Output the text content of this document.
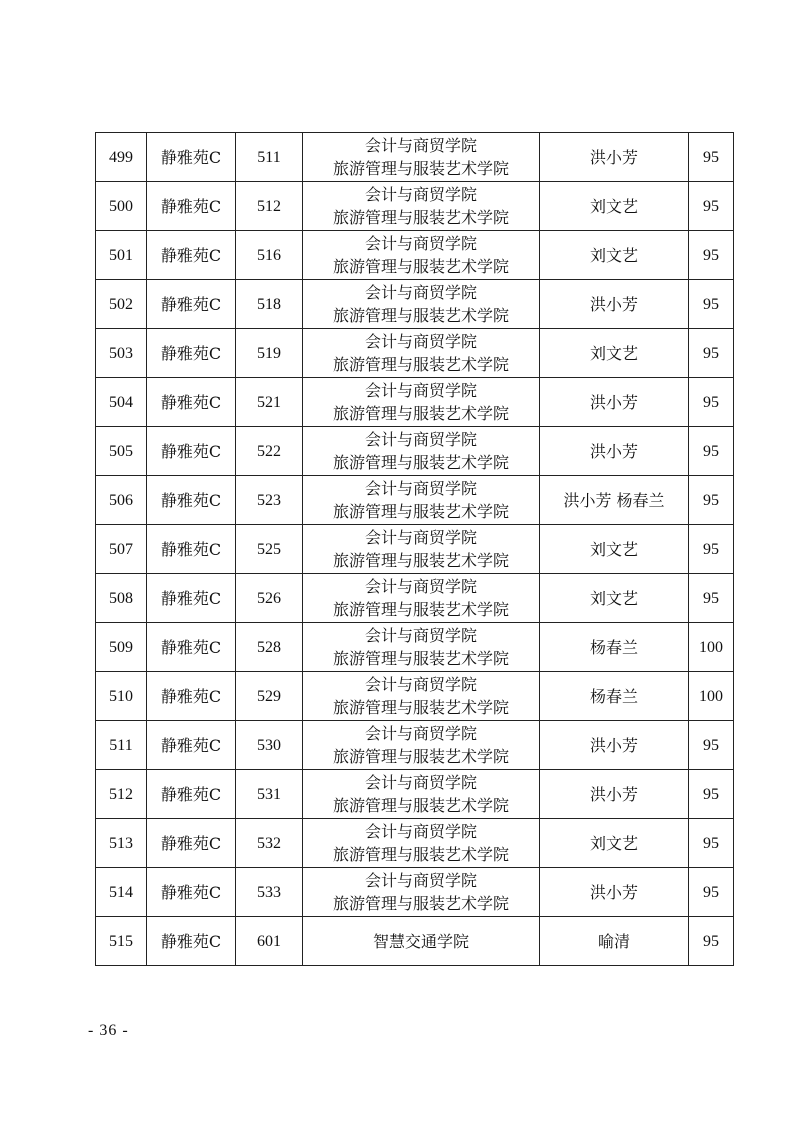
499	静雅苑C	511	会计与商贸学院
旅游管理与服装艺术学院	洪小芳	95
500	静雅苑C	512	会计与商贸学院
旅游管理与服装艺术学院	刘文艺	95
501	静雅苑C	516	会计与商贸学院
旅游管理与服装艺术学院	刘文艺	95
502	静雅苑C	518	会计与商贸学院
旅游管理与服装艺术学院	洪小芳	95
503	静雅苑C	519	会计与商贸学院
旅游管理与服装艺术学院	刘文艺	95
504	静雅苑C	521	会计与商贸学院
旅游管理与服装艺术学院	洪小芳	95
505	静雅苑C	522	会计与商贸学院
旅游管理与服装艺术学院	洪小芳	95
506	静雅苑C	523	会计与商贸学院
旅游管理与服装艺术学院	洪小芳 杨春兰	95
507	静雅苑C	525	会计与商贸学院
旅游管理与服装艺术学院	刘文艺	95
508	静雅苑C	526	会计与商贸学院
旅游管理与服装艺术学院	刘文艺	95
509	静雅苑C	528	会计与商贸学院
旅游管理与服装艺术学院	杨春兰	100
510	静雅苑C	529	会计与商贸学院
旅游管理与服装艺术学院	杨春兰	100
511	静雅苑C	530	会计与商贸学院
旅游管理与服装艺术学院	洪小芳	95
512	静雅苑C	531	会计与商贸学院
旅游管理与服装艺术学院	洪小芳	95
513	静雅苑C	532	会计与商贸学院
旅游管理与服装艺术学院	刘文艺	95
514	静雅苑C	533	会计与商贸学院
旅游管理与服装艺术学院	洪小芳	95
515	静雅苑C	601	智慧交通学院	喻清	95
- 36 -
